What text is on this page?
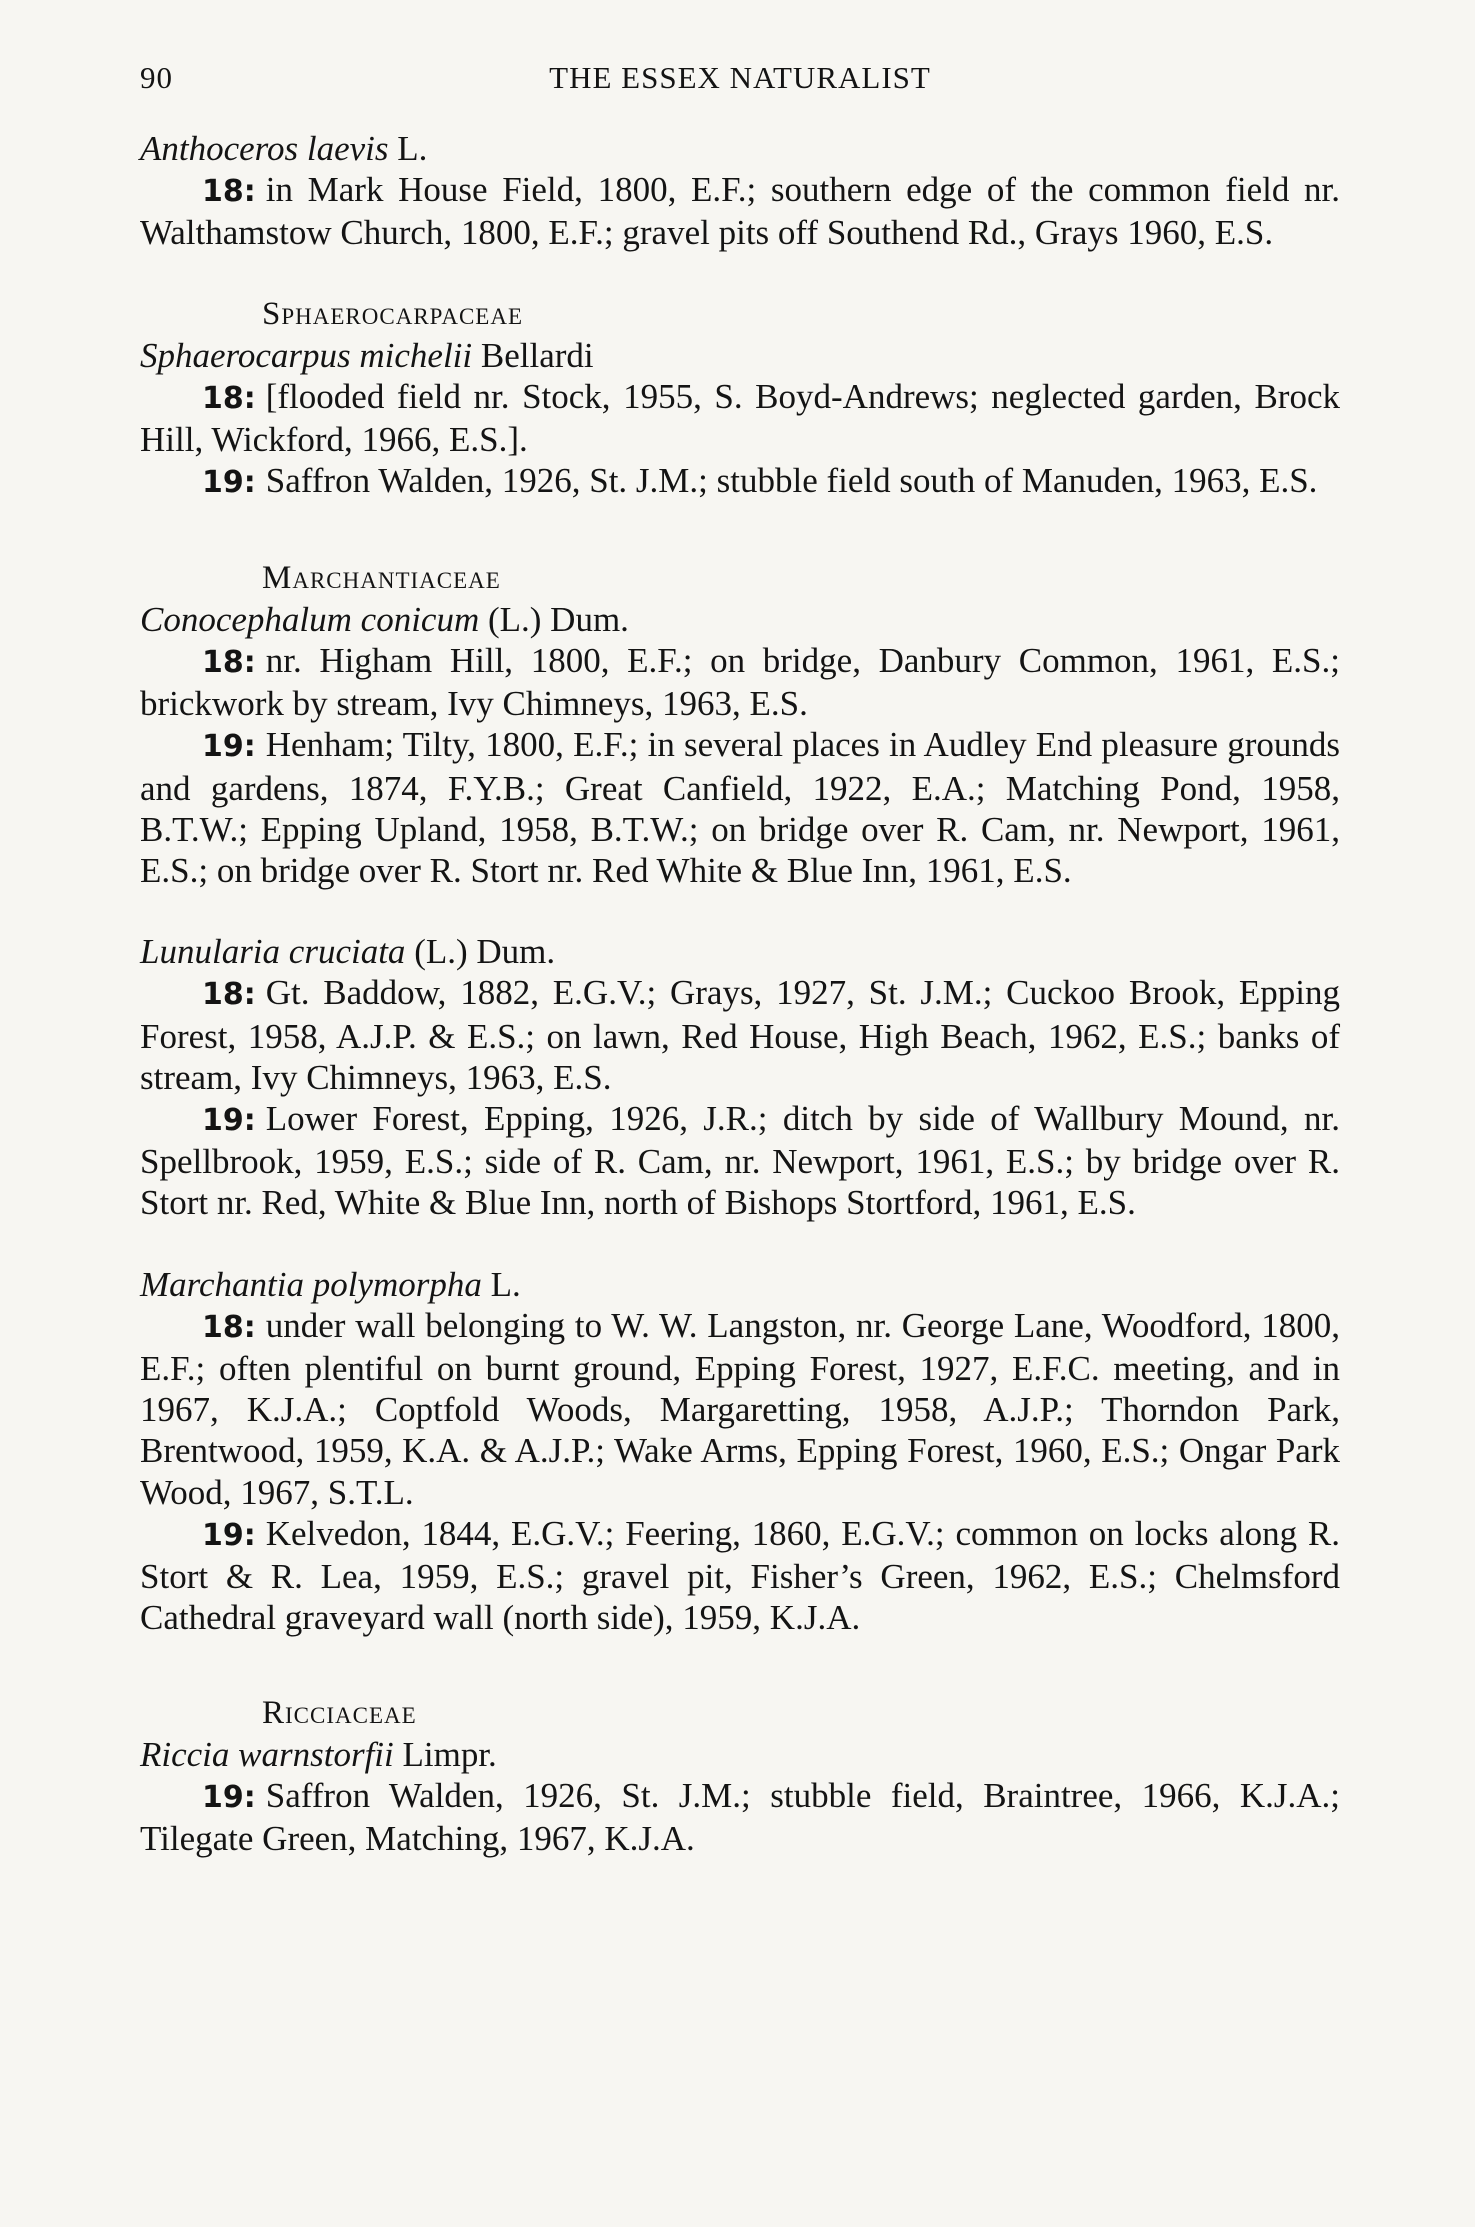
90	THE ESSEX NATURALIST

Anthoceros laevis L.

18: in Mark House Field, 1800, E.F.; southern edge of the common field nr. Walthamstow Church, 1800, E.F.; gravel pits off Southend Rd., Grays 1960, E.S.

Sphaerocarpaceae

Sphaerocarpus michelii Bellardi

18: [flooded field nr. Stock, 1955, S. Boyd-Andrews; neglected garden, Brock Hill, Wickford, 1966, E.S.].

19: Saffron Walden, 1926, St. J.M.; stubble field south of Manuden, 1963, E.S.

Marchantiaceae

Conocephalum conicum (L.) Dum.

18: nr. Higham Hill, 1800, E.F.; on bridge, Danbury Common, 1961, E.S.; brickwork by stream, Ivy Chimneys, 1963, E.S.

19: Henham; Tilty, 1800, E.F.; in several places in Audley End pleasure grounds and gardens, 1874, F.Y.B.; Great Canfield, 1922, E.A.; Matching Pond, 1958, B.T.W.; Epping Upland, 1958, B.T.W.; on bridge over R. Cam, nr. Newport, 1961, E.S.; on bridge over R. Stort nr. Red White & Blue Inn, 1961, E.S.

Lunularia cruciata (L.) Dum.

18: Gt. Baddow, 1882, E.G.V.; Grays, 1927, St. J.M.; Cuckoo Brook, Epping Forest, 1958, A.J.P. & E.S.; on lawn, Red House, High Beach, 1962, E.S.; banks of stream, Ivy Chimneys, 1963, E.S.

19: Lower Forest, Epping, 1926, J.R.; ditch by side of Wallbury Mound, nr. Spellbrook, 1959, E.S.; side of R. Cam, nr. Newport, 1961, E.S.; by bridge over R. Stort nr. Red, White & Blue Inn, north of Bishops Stortford, 1961, E.S.

Marchantia polymorpha L.

18: under wall belonging to W. W. Langston, nr. George Lane, Woodford, 1800, E.F.; often plentiful on burnt ground, Epping Forest, 1927, E.F.C. meeting, and in 1967, K.J.A.; Coptfold Woods, Margaretting, 1958, A.J.P.; Thorndon Park, Brentwood, 1959, K.A. & A.J.P.; Wake Arms, Epping Forest, 1960, E.S.; Ongar Park Wood, 1967, S.T.L.

19: Kelvedon, 1844, E.G.V.; Feering, 1860, E.G.V.; common on locks along R. Stort & R. Lea, 1959, E.S.; gravel pit, Fisher’s Green, 1962, E.S.; Chelmsford Cathedral graveyard wall (north side), 1959, K.J.A.

Ricciaceae

Riccia warnstorfii Limpr.

19: Saffron Walden, 1926, St. J.M.; stubble field, Braintree, 1966, K.J.A.; Tilegate Green, Matching, 1967, K.J.A.
